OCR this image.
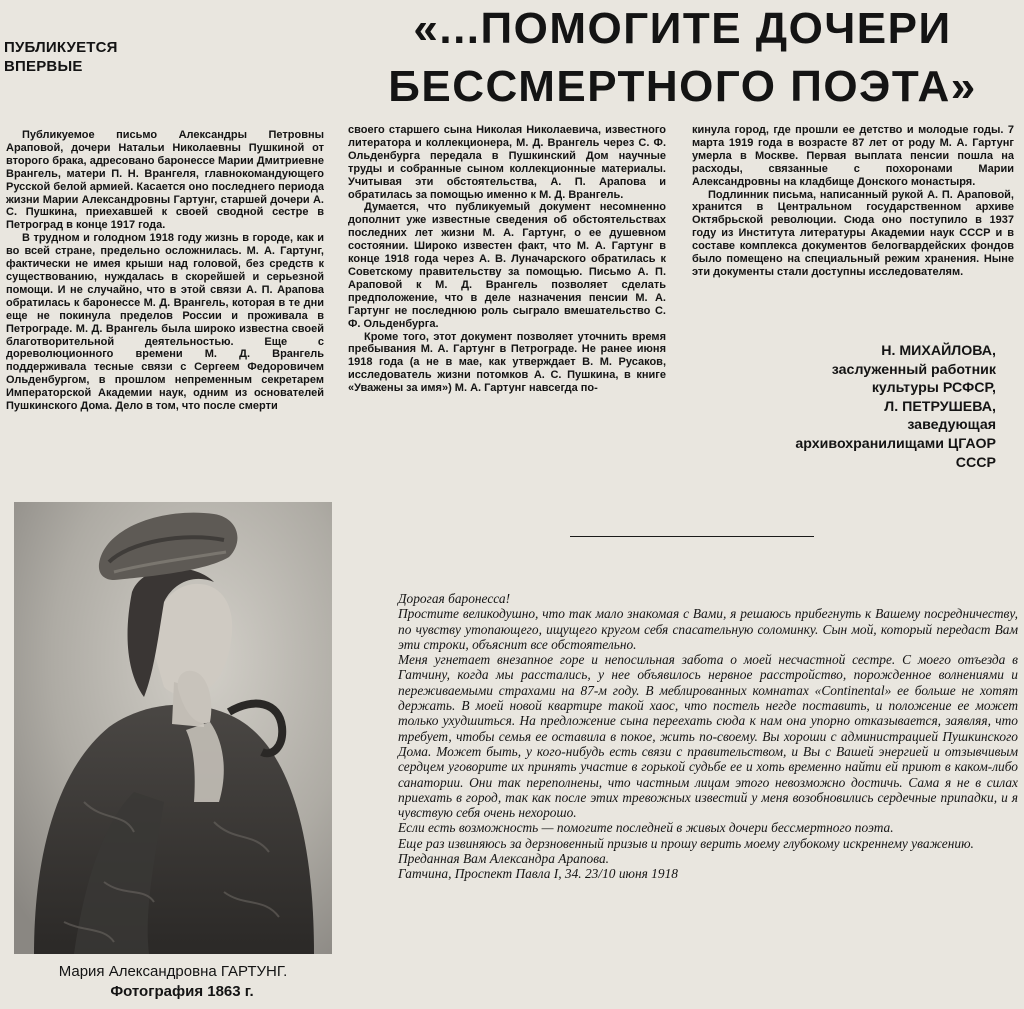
ПУБЛИКУЕТСЯ
ВПЕРВЫЕ
«...ПОМОГИТЕ ДОЧЕРИ
БЕССМЕРТНОГО ПОЭТА»

Публикуемое письмо Александры Петровны Араповой, дочери Натальи Николаевны Пушкиной от второго брака, адресовано баронессе Марии Дмитриевне Врангель, матери П. Н. Врангеля, главнокомандующего Русской белой армией. Касается оно последнего периода жизни Марии Александровны Гартунг, старшей дочери А. С. Пушкина, приехавшей к своей сводной сестре в Петроград в конце 1917 года.

В трудном и голодном 1918 году жизнь в городе, как и во всей стране, предельно осложнилась. М. А. Гартунг, фактически не имея крыши над головой, без средств к существованию, нуждалась в скорейшей и серьезной помощи. И не случайно, что в этой связи А. П. Арапова обратилась к баронессе М. Д. Врангель, которая в те дни еще не покинула пределов России и проживала в Петрограде. М. Д. Врангель была широко известна своей благотворительной деятельностью. Еще с дореволюционного времени М. Д. Врангель поддерживала тесные связи с Сергеем Федоровичем Ольденбургом, в прошлом непременным секретарем Императорской Академии наук, одним из основателей Пушкинского Дома. Дело в том, что после смерти

своего старшего сына Николая Николаевича, известного литератора и коллекционера, М. Д. Врангель через С. Ф. Ольденбурга передала в Пушкинский Дом научные труды и собранные сыном коллекционные материалы. Учитывая эти обстоятельства, А. П. Арапова и обратилась за помощью именно к М. Д. Врангель.

Думается, что публикуемый документ несомненно дополнит уже известные сведения об обстоятельствах последних лет жизни М. А. Гартунг, о ее душевном состоянии. Широко известен факт, что М. А. Гартунг в конце 1918 года через А. В. Луначарского обратилась к Советскому правительству за помощью. Письмо А. П. Араповой к М. Д. Врангель позволяет сделать предположение, что в деле назначения пенсии М. А. Гартунг не последнюю роль сыграло вмешательство С. Ф. Ольденбурга.

Кроме того, этот документ позволяет уточнить время пребывания М. А. Гартунг в Петрограде. Не ранее июня 1918 года (а не в мае, как утверждает В. М. Русаков, исследователь жизни потомков А. С. Пушкина, в книге «Уважены за имя») М. А. Гартунг навсегда по-

кинула город, где прошли ее детство и молодые годы. 7 марта 1919 года в возрасте 87 лет от роду М. А. Гартунг умерла в Москве. Первая выплата пенсии пошла на расходы, связанные с похоронами Марии Александровны на кладбище Донского монастыря.

Подлинник письма, написанный рукой А. П. Араповой, хранится в Центральном государственном архиве Октябрьской революции. Сюда оно поступило в 1937 году из Института литературы Академии наук СССР и в составе комплекса документов белогвардейских фондов было помещено на специальный режим хранения. Ныне эти документы стали доступны исследователям.

Н. МИХАЙЛОВА,
заслуженный работник
культуры РСФСР,
Л. ПЕТРУШЕВА,
заведующая
архивохранилищами ЦГАОР
СССР
Мария Александровна ГАРТУНГ.
Фотография 1863 г.
Дорогая баронесса!

Простите великодушно, что так мало знакомая с Вами, я решаюсь прибегнуть к Вашему посредничеству, по чувству утопающего, ищущего кругом себя спасательную соломинку. Сын мой, который передаст Вам эти строки, объяснит все обстоятельно.

Меня угнетает внезапное горе и непосильная забота о моей несчастной сестре. С моего отъезда в Гатчину, когда мы расстались, у нее объявилось нервное расстройство, порожденное волнениями и переживаемыми страхами на 87-м году. В меблированных комнатах «Continental» ее больше не хотят держать. В моей новой квартире такой хаос, что постель негде поставить, и положение ее может только ухудшиться. На предложение сына переехать сюда к нам она упорно отказывается, заявляя, что требует, чтобы семья ее оставила в покое, жить по-своему. Вы хороши с администрацией Пушкинского Дома. Может быть, у кого-нибудь есть связи с правительством, и Вы с Вашей энергией и отзывчивым сердцем уговорите их принять участие в горькой судьбе ее и хоть временно найти ей приют в каком-либо санатории. Они так переполнены, что частным лицам этого невозможно достичь. Сама я не в силах приехать в город, так как после этих тревожных известий у меня возобновились сердечные припадки, и я чувствую себя очень нехорошо.

Если есть возможность — помогите последней в живых дочери бессмертного поэта.

Еще раз извиняюсь за дерзновенный призыв и прошу верить моему глубокому искреннему уважению.

Преданная Вам Александра Арапова.
Гатчина, Проспект Павла I, 34. 23/10 июня 1918
